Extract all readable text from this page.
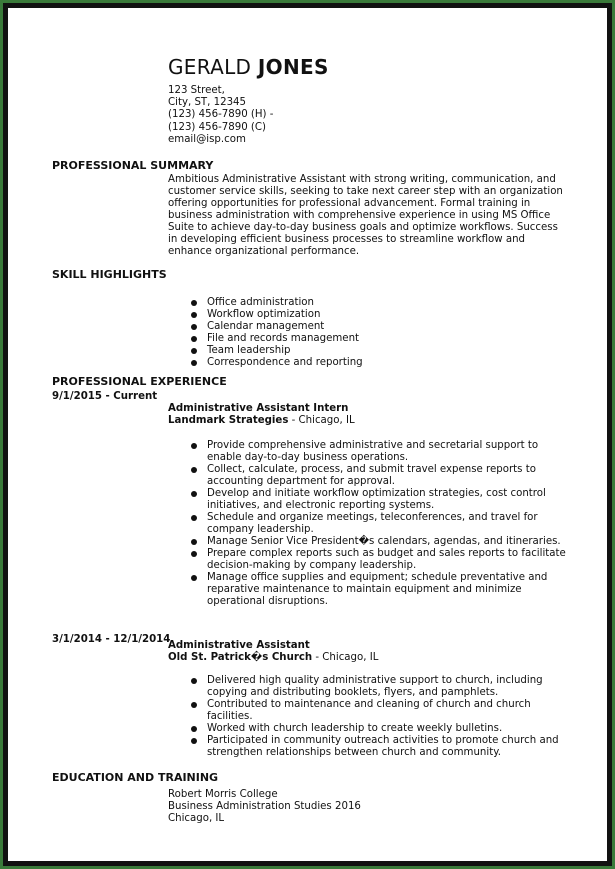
GERALD JONES
123 Street,
City, ST, 12345
(123) 456-7890 (H) -
(123) 456-7890 (C)
email@isp.com
PROFESSIONAL SUMMARY
Ambitious Administrative Assistant with strong writing, communication, and customer service skills, seeking to take next career step with an organization offering opportunities for professional advancement. Formal training in business administration with comprehensive experience in using MS Office Suite to achieve day-to-day business goals and optimize workflows. Success in developing efficient business processes to streamline workflow and enhance organizational performance.
SKILL HIGHLIGHTS
Office administration
Workflow optimization
Calendar management
File and records management
Team leadership
Correspondence and reporting
PROFESSIONAL EXPERIENCE
9/1/2015 - Current
Administrative Assistant Intern
Landmark Strategies - Chicago, IL
Provide comprehensive administrative and secretarial support to enable day-to-day business operations.
Collect, calculate, process, and submit travel expense reports to accounting department for approval.
Develop and initiate workflow optimization strategies, cost control initiatives, and electronic reporting systems.
Schedule and organize meetings, teleconferences, and travel for company leadership.
Manage Senior Vice President�s calendars, agendas, and itineraries.
Prepare complex reports such as budget and sales reports to facilitate decision-making by company leadership.
Manage office supplies and equipment; schedule preventative and reparative maintenance to maintain equipment and minimize operational disruptions.
3/1/2014 - 12/1/2014
Administrative Assistant
Old St. Patrick�s Church - Chicago, IL
Delivered high quality administrative support to church, including copying and distributing booklets, flyers, and pamphlets.
Contributed to maintenance and cleaning of church and church facilities.
Worked with church leadership to create weekly bulletins.
Participated in community outreach activities to promote church and strengthen relationships between church and community.
EDUCATION AND TRAINING
Robert Morris College
Business Administration Studies 2016
Chicago, IL
